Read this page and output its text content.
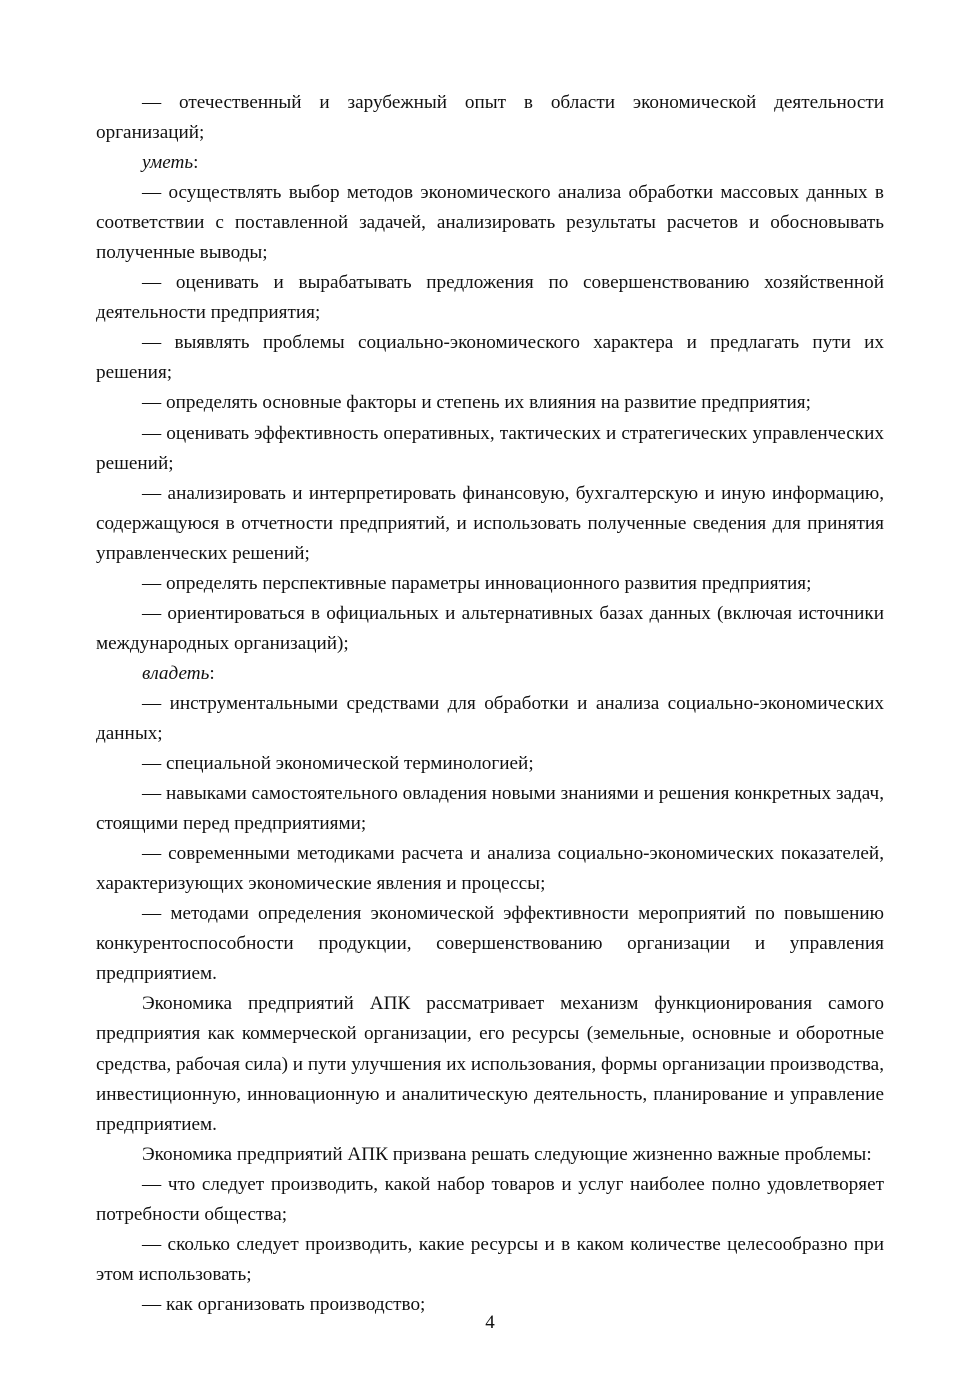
— отечественный и зарубежный опыт в области экономической деятельности организаций;

уметь:

— осуществлять выбор методов экономического анализа обработки массовых данных в соответствии с поставленной задачей, анализировать результаты расчетов и обосновывать полученные выводы;

— оценивать и вырабатывать предложения по совершенствованию хозяйственной деятельности предприятия;

— выявлять проблемы социально-экономического характера и предлагать пути их решения;

— определять основные факторы и степень их влияния на развитие предприятия;

— оценивать эффективность оперативных, тактических и стратегических управленческих решений;

— анализировать и интерпретировать финансовую, бухгалтерскую и иную информацию, содержащуюся в отчетности предприятий, и использовать полученные сведения для принятия управленческих решений;

— определять перспективные параметры инновационного развития предприятия;

— ориентироваться в официальных и альтернативных базах данных (включая источники международных организаций);

владеть:

— инструментальными средствами для обработки и анализа социально-экономических данных;

— специальной экономической терминологией;

— навыками самостоятельного овладения новыми знаниями и решения конкретных задач, стоящими перед предприятиями;

— современными методиками расчета и анализа социально-экономических показателей, характеризующих экономические явления и процессы;

— методами определения экономической эффективности мероприятий по повышению конкурентоспособности продукции, совершенствованию организации и управления предприятием.

Экономика предприятий АПК рассматривает механизм функционирования самого предприятия как коммерческой организации, его ресурсы (земельные, основные и оборотные средства, рабочая сила) и пути улучшения их использования, формы организации производства, инвестиционную, инновационную и аналитическую деятельность, планирование и управление предприятием.

Экономика предприятий АПК призвана решать следующие жизненно важные проблемы:

— что следует производить, какой набор товаров и услуг наиболее полно удовлетворяет потребности общества;

— сколько следует производить, какие ресурсы и в каком количестве целесообразно при этом использовать;

— как организовать производство;

4
